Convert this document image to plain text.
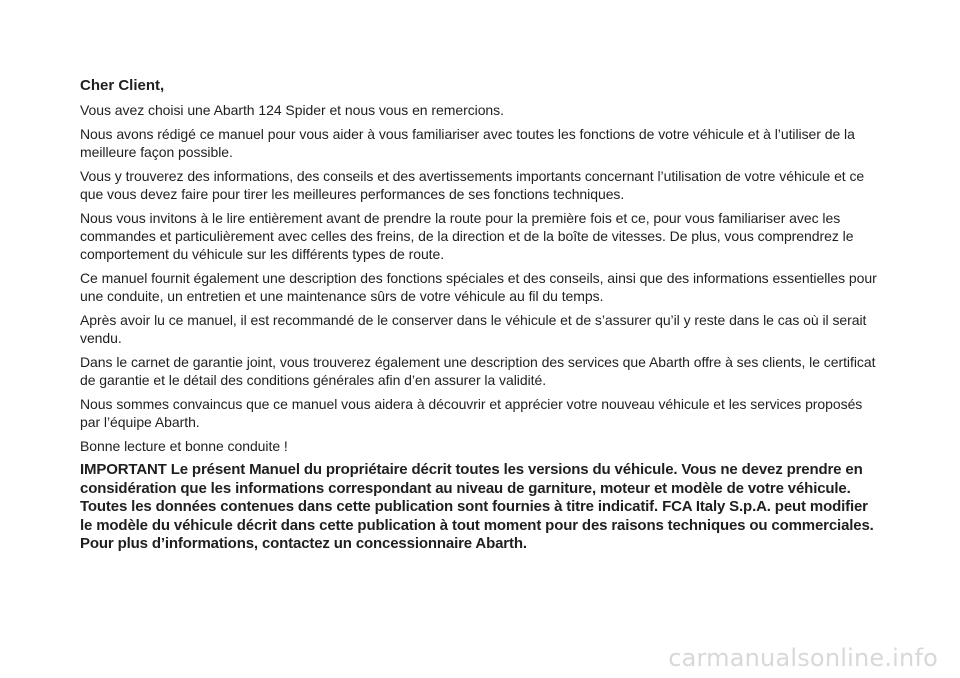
Cher Client,
Vous avez choisi une Abarth 124 Spider et nous vous en remercions.
Nous avons rédigé ce manuel pour vous aider à vous familiariser avec toutes les fonctions de votre véhicule et à l’utiliser de la meilleure façon possible.
Vous y trouverez des informations, des conseils et des avertissements importants concernant l’utilisation de votre véhicule et ce que vous devez faire pour tirer les meilleures performances de ses fonctions techniques.
Nous vous invitons à le lire entièrement avant de prendre la route pour la première fois et ce, pour vous familiariser avec les commandes et particulièrement avec celles des freins, de la direction et de la boîte de vitesses. De plus, vous comprendrez le comportement du véhicule sur les différents types de route.
Ce manuel fournit également une description des fonctions spéciales et des conseils, ainsi que des informations essentielles pour une conduite, un entretien et une maintenance sûrs de votre véhicule au fil du temps.
Après avoir lu ce manuel, il est recommandé de le conserver dans le véhicule et de s’assurer qu’il y reste dans le cas où il serait vendu.
Dans le carnet de garantie joint, vous trouverez également une description des services que Abarth offre à ses clients, le certificat de garantie et le détail des conditions générales afin d’en assurer la validité.
Nous sommes convaincus que ce manuel vous aidera à découvrir et apprécier votre nouveau véhicule et les services proposés par l’équipe Abarth.
Bonne lecture et bonne conduite !
IMPORTANT Le présent Manuel du propriétaire décrit toutes les versions du véhicule. Vous ne devez prendre en considération que les informations correspondant au niveau de garniture, moteur et modèle de votre véhicule. Toutes les données contenues dans cette publication sont fournies à titre indicatif. FCA Italy S.p.A. peut modifier le modèle du véhicule décrit dans cette publication à tout moment pour des raisons techniques ou commerciales. Pour plus d’informations, contactez un concessionnaire Abarth.
carmanualsonline.info
